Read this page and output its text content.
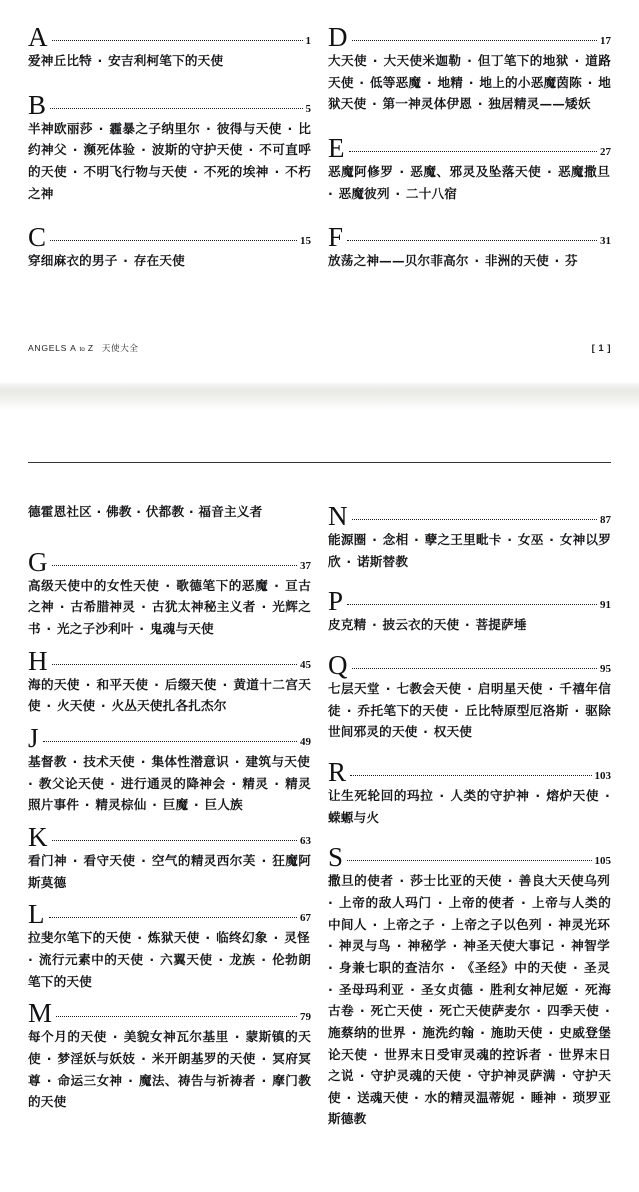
A	1
爱神丘比特 · 安吉利柯笔下的天使
B	5
半神欧丽莎 · 霾暴之子纳里尔 · 彼得与天使 · 比约神父 · 濒死体验 · 波斯的守护天使 · 不可直呼的天使 · 不明飞行物与天使 · 不死的埃神 · 不朽之神
C	15
穿细麻衣的男子 · 存在天使
D	17
大天使 · 大天使米迦勒 · 但丁笔下的地狱 · 道路天使 · 低等恶魔 · 地精 · 地上的小恶魔茵陈 · 地狱天使 · 第一神灵体伊恩 · 独居精灵——矮妖
E	27
恶魔阿修罗 · 恶魔、邪灵及坠落天使 · 恶魔撒旦 · 恶魔彼列 · 二十八宿
F	31
放荡之神——贝尔菲高尔 · 非洲的天使 · 芬
ANGELS A to Z 天使大全	[ 1 ]
德霍恩社区 · 佛教 · 伏都教 · 福音主义者
G	37
高级天使中的女性天使 · 歌德笔下的恶魔 · 亘古之神 · 古希腊神灵 · 古犹太神秘主义者 · 光辉之书 · 光之子沙利叶 · 鬼魂与天使
H	45
海的天使 · 和平天使 · 后缀天使 · 黄道十二宫天使 · 火天使 · 火丛天使扎各扎杰尔
J	49
基督教 · 技术天使 · 集体性潜意识 · 建筑与天使 · 教父论天使 · 进行通灵的降神会 · 精灵 · 精灵照片事件 · 精灵棕仙 · 巨魔 · 巨人族
K	63
看门神 · 看守天使 · 空气的精灵西尔芙 · 狂魔阿斯莫德
L	67
拉斐尔笔下的天使 · 炼狱天使 · 临终幻象 · 灵怪 · 流行元素中的天使 · 六翼天使 · 龙族 · 伦勃朗笔下的天使
M	79
每个月的天使 · 美貌女神瓦尔基里 · 蒙斯镇的天使 · 梦淫妖与妖妓 · 米开朗基罗的天使 · 冥府冥尊 · 命运三女神 · 魔法、祷告与祈祷者 · 摩门教的天使
N	87
能源圈 · 念相 · 孽之王里毗卡 · 女巫 · 女神以罗欣 · 诺斯替教
P	91
皮克精 · 披云衣的天使 · 菩提萨埵
Q	95
七层天堂 · 七教会天使 · 启明星天使 · 千禧年信徒 · 乔托笔下的天使 · 丘比特原型厄洛斯 · 驱除世间邪灵的天使 · 权天使
R	103
让生死轮回的玛拉 · 人类的守护神 · 熔炉天使 · 蝾螈与火
S	105
撒旦的使者 · 莎士比亚的天使 · 善良大天使乌列 · 上帝的敌人玛门 · 上帝的使者 · 上帝与人类的中间人 · 上帝之子 · 上帝之子以色列 · 神灵光环 · 神灵与鸟 · 神秘学 · 神圣天使大事记 · 神智学 · 身兼七职的查洁尔 · 《圣经》中的天使 · 圣灵 · 圣母玛利亚 · 圣女贞德 · 胜利女神尼姬 · 死海古卷 · 死亡天使 · 死亡天使萨麦尔 · 四季天使 · 施蔡纳的世界 · 施洗约翰 · 施助天使 · 史威登堡论天使 · 世界末日受审灵魂的控诉者 · 世界末日之说 · 守护灵魂的天使 · 守护神灵萨满 · 守护天使 · 送魂天使 · 水的精灵温蒂妮 · 睡神 · 琐罗亚斯德教
